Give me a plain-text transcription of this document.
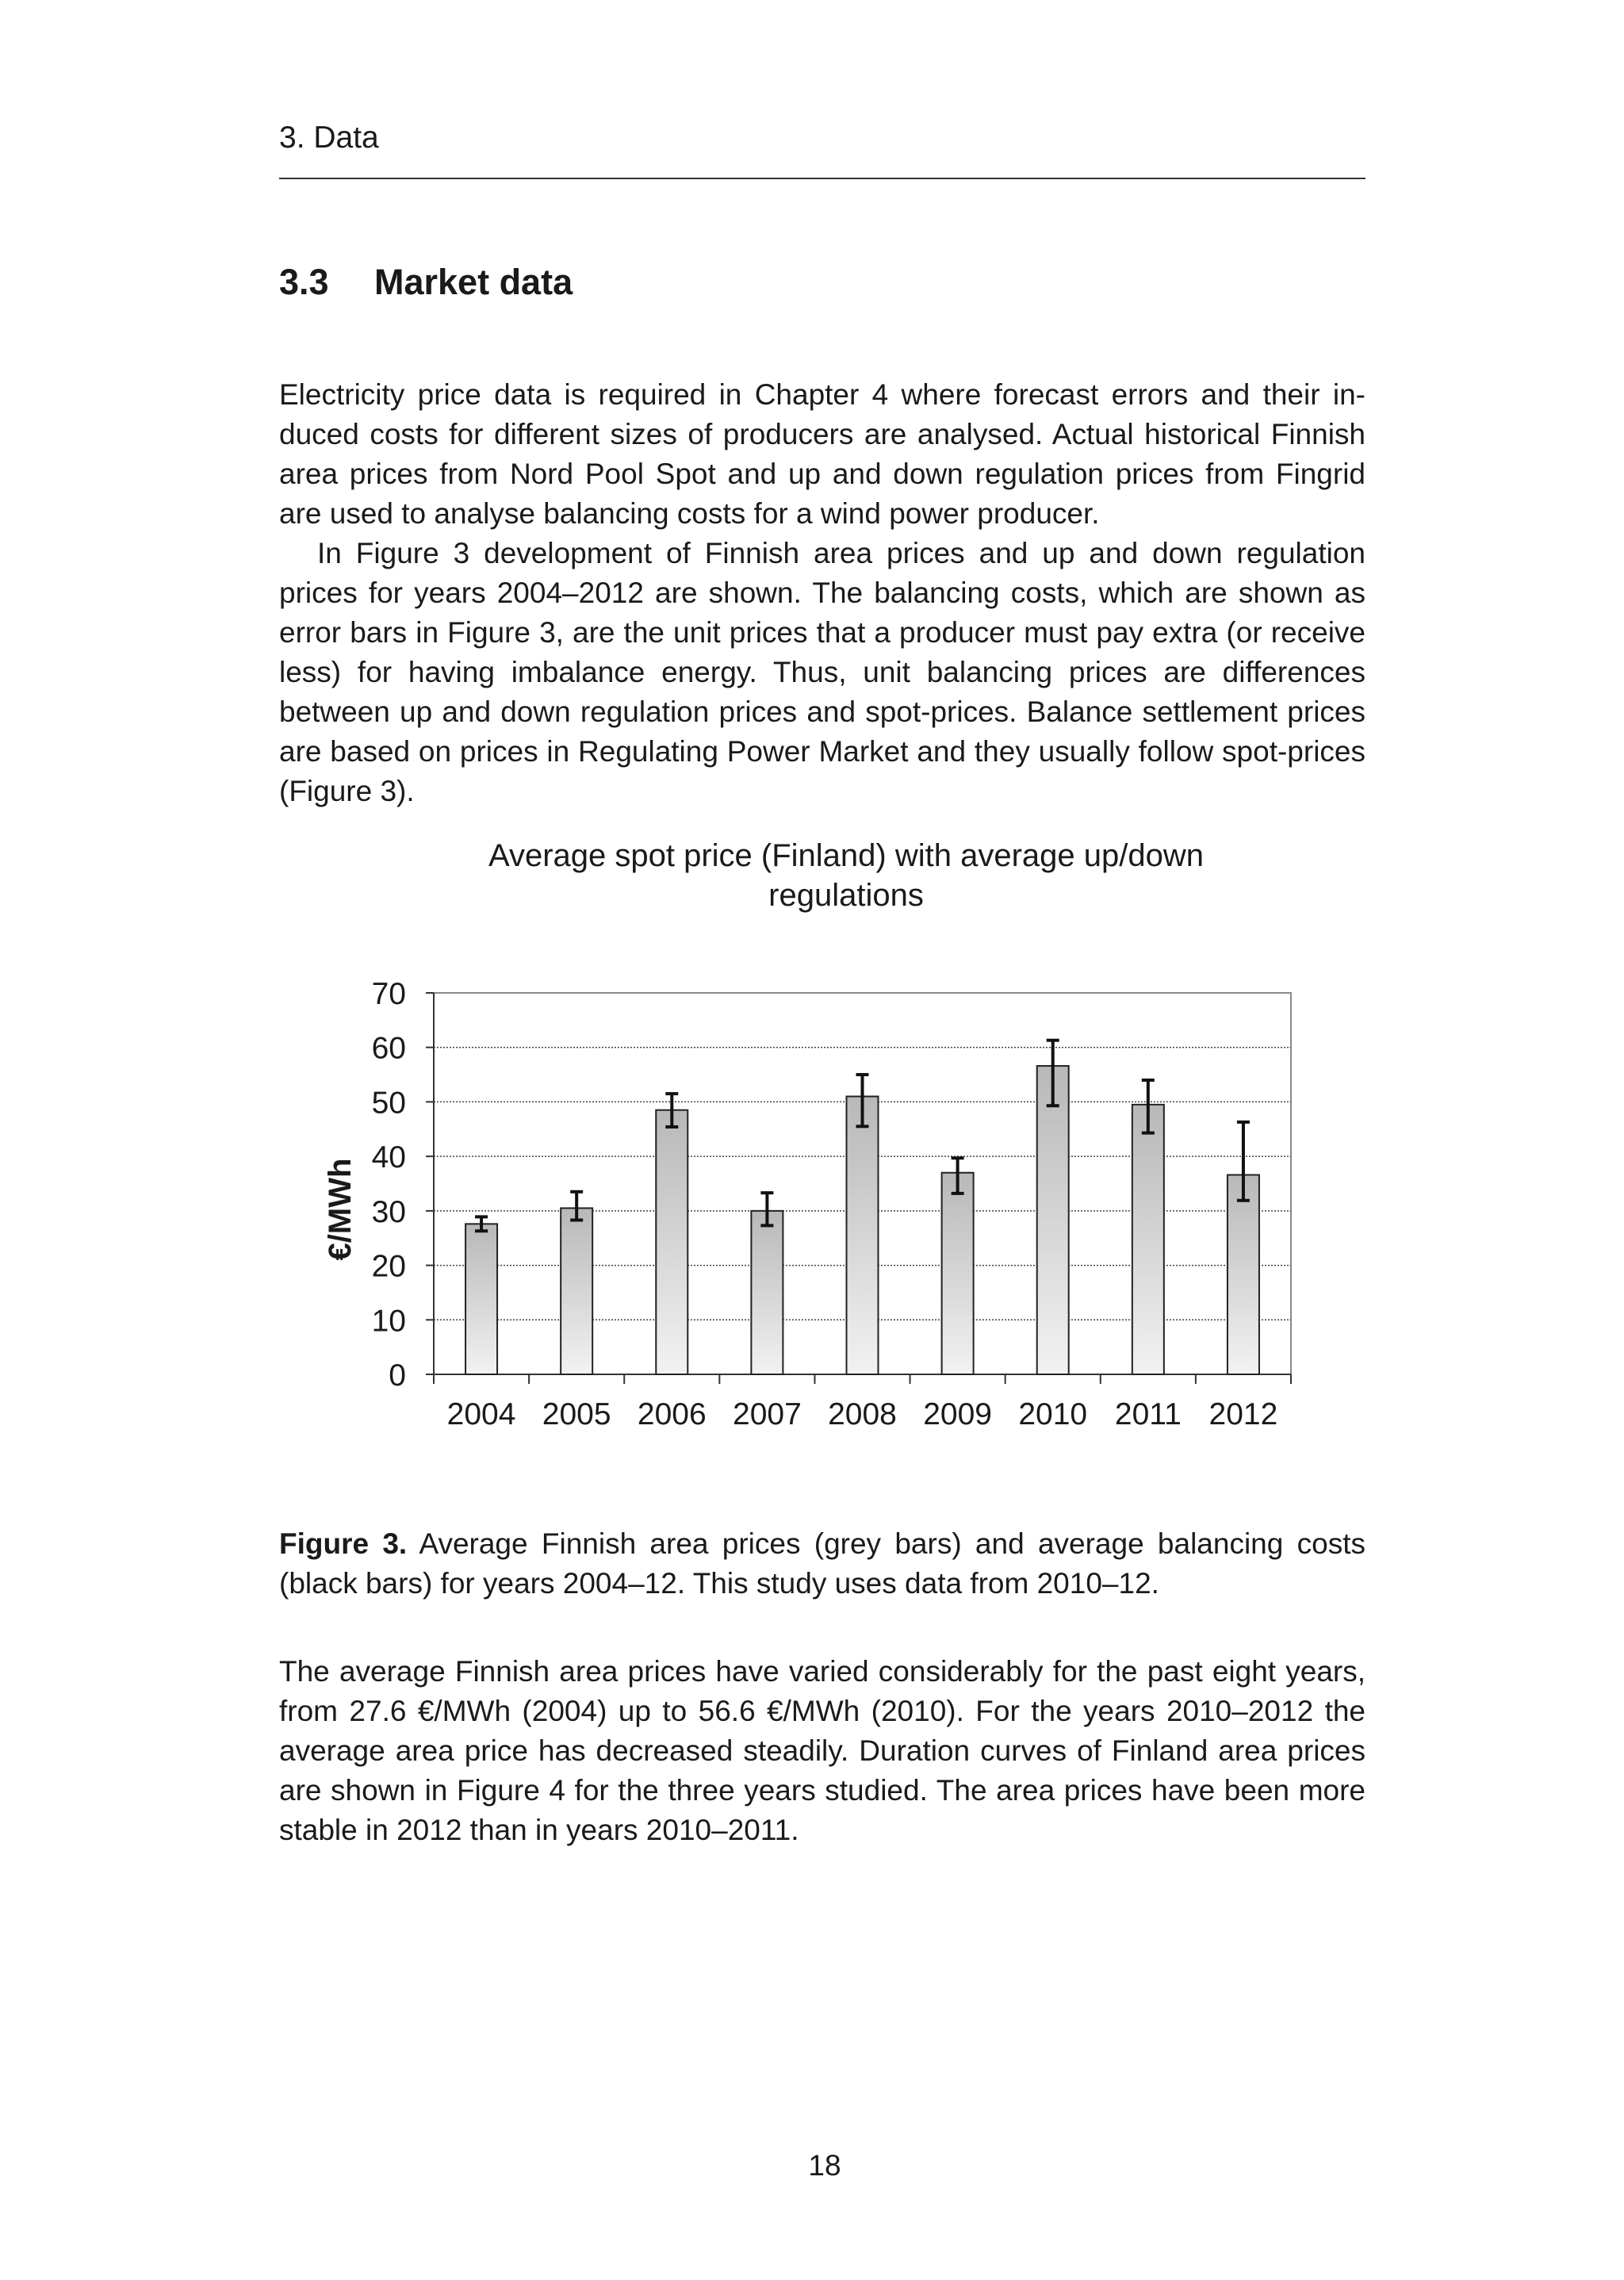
3. Data
3.3 Market data

Electricity price data is required in Chapter 4 where forecast errors and their induced costs for different sizes of producers are analysed. Actual historical Finnish area prices from Nord Pool Spot and up and down regulation prices from Fingrid are used to analyse balancing costs for a wind power producer.

In Figure 3 development of Finnish area prices and up and down regulation prices for years 2004–2012 are shown. The balancing costs, which are shown as error bars in Figure 3, are the unit prices that a producer must pay extra (or receive less) for having imbalance energy. Thus, unit balancing prices are differences between up and down regulation prices and spot-prices. Balance settlement prices are based on prices in Regulating Power Market and they usually follow spot-prices (Figure 3).

Average spot price (Finland) with average up/down
regulations
0
10
20
30
40
50
60
70
€/MWh
2004 2005 2006 2007 2008 2009 2010 2011 2012

Figure 3. Average Finnish area prices (grey bars) and average balancing costs (black bars) for years 2004–12. This study uses data from 2010–12.

The average Finnish area prices have varied considerably for the past eight years, from 27.6 €/MWh (2004) up to 56.6 €/MWh (2010). For the years 2010–2012 the average area price has decreased steadily. Duration curves of Finland area prices are shown in Figure 4 for the three years studied. The area prices have been more stable in 2012 than in years 2010–2011.

18
